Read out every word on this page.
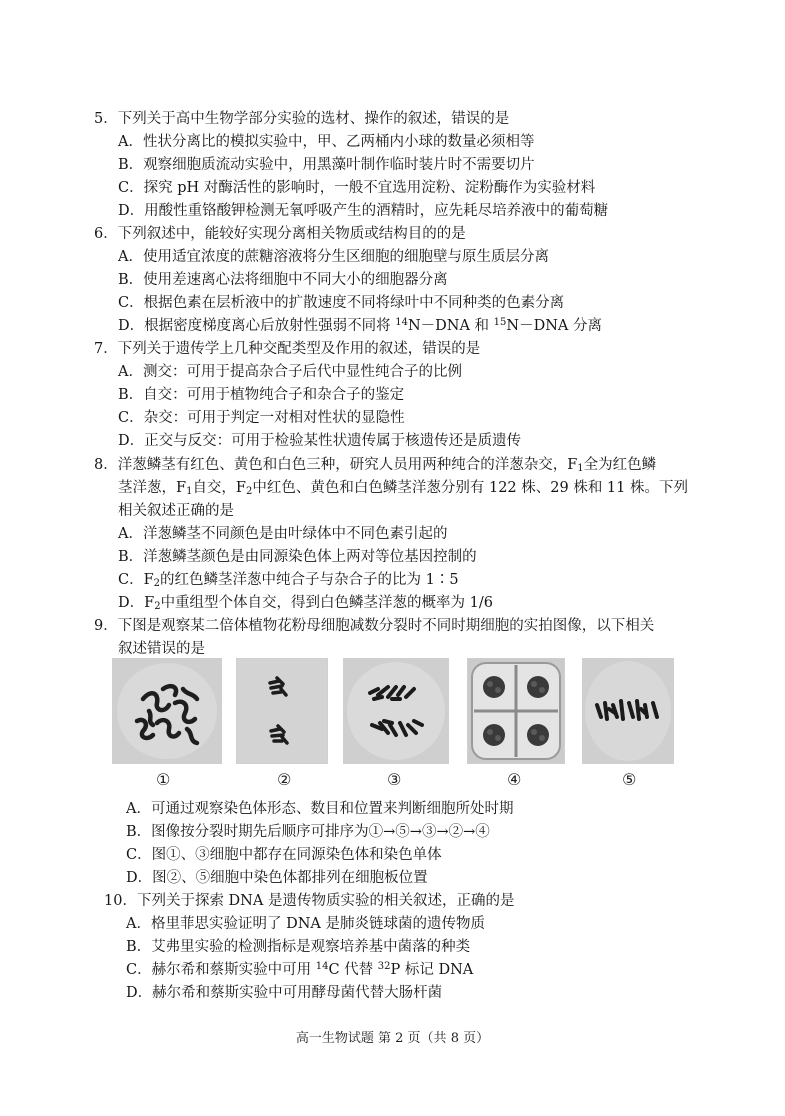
5．下列关于高中生物学部分实验的选材、操作的叙述，错误的是
A．性状分离比的模拟实验中，甲、乙两桶内小球的数量必须相等
B．观察细胞质流动实验中，用黑藻叶制作临时装片时不需要切片
C．探究 pH 对酶活性的影响时，一般不宜选用淀粉、淀粉酶作为实验材料
D．用酸性重铬酸钾检测无氧呼吸产生的酒精时，应先耗尽培养液中的葡萄糖
6．下列叙述中，能较好实现分离相关物质或结构目的的是
A．使用适宜浓度的蔗糖溶液将分生区细胞的细胞壁与原生质层分离
B．使用差速离心法将细胞中不同大小的细胞器分离
C．根据色素在层析液中的扩散速度不同将绿叶中不同种类的色素分离
D．根据密度梯度离心后放射性强弱不同将 $^{14}$N－DNA 和 $^{15}$N－DNA 分离
7．下列关于遗传学上几种交配类型及作用的叙述，错误的是
A．测交：可用于提高杂合子后代中显性纯合子的比例
B．自交：可用于植物纯合子和杂合子的鉴定
C．杂交：可用于判定一对相对性状的显隐性
D．正交与反交：可用于检验某性状遗传属于核遗传还是质遗传
8．洋葱鳞茎有红色、黄色和白色三种，研究人员用两种纯合的洋葱杂交，$F_1$全为红色鳞
茎洋葱，$F_1$自交，$F_2$中红色、黄色和白色鳞茎洋葱分别有 122 株、29 株和 11 株。下列
相关叙述正确的是
A．洋葱鳞茎不同颜色是由叶绿体中不同色素引起的
B．洋葱鳞茎颜色是由同源染色体上两对等位基因控制的
C．$F_2$的红色鳞茎洋葱中纯合子与杂合子的比为 1∶5
D．$F_2$中重组型个体自交，得到白色鳞茎洋葱的概率为 1/6
9．下图是观察某二倍体植物花粉母细胞减数分裂时不同时期细胞的实拍图像，以下相关
叙述错误的是
①	②	③	④	⑤
A．可通过观察染色体形态、数目和位置来判断细胞所处时期
B．图像按分裂时期先后顺序可排序为①→⑤→③→②→④
C．图①、③细胞中都存在同源染色体和染色单体
D．图②、⑤细胞中染色体都排列在细胞板位置
10．下列关于探索 DNA 是遗传物质实验的相关叙述，正确的是
A．格里菲思实验证明了 DNA 是肺炎链球菌的遗传物质
B．艾弗里实验的检测指标是观察培养基中菌落的种类
C．赫尔希和蔡斯实验中可用 $^{14}$C 代替 $^{32}$P 标记 DNA
D．赫尔希和蔡斯实验中可用酵母菌代替大肠杆菌
高一生物试题 第 2 页（共 8 页）
